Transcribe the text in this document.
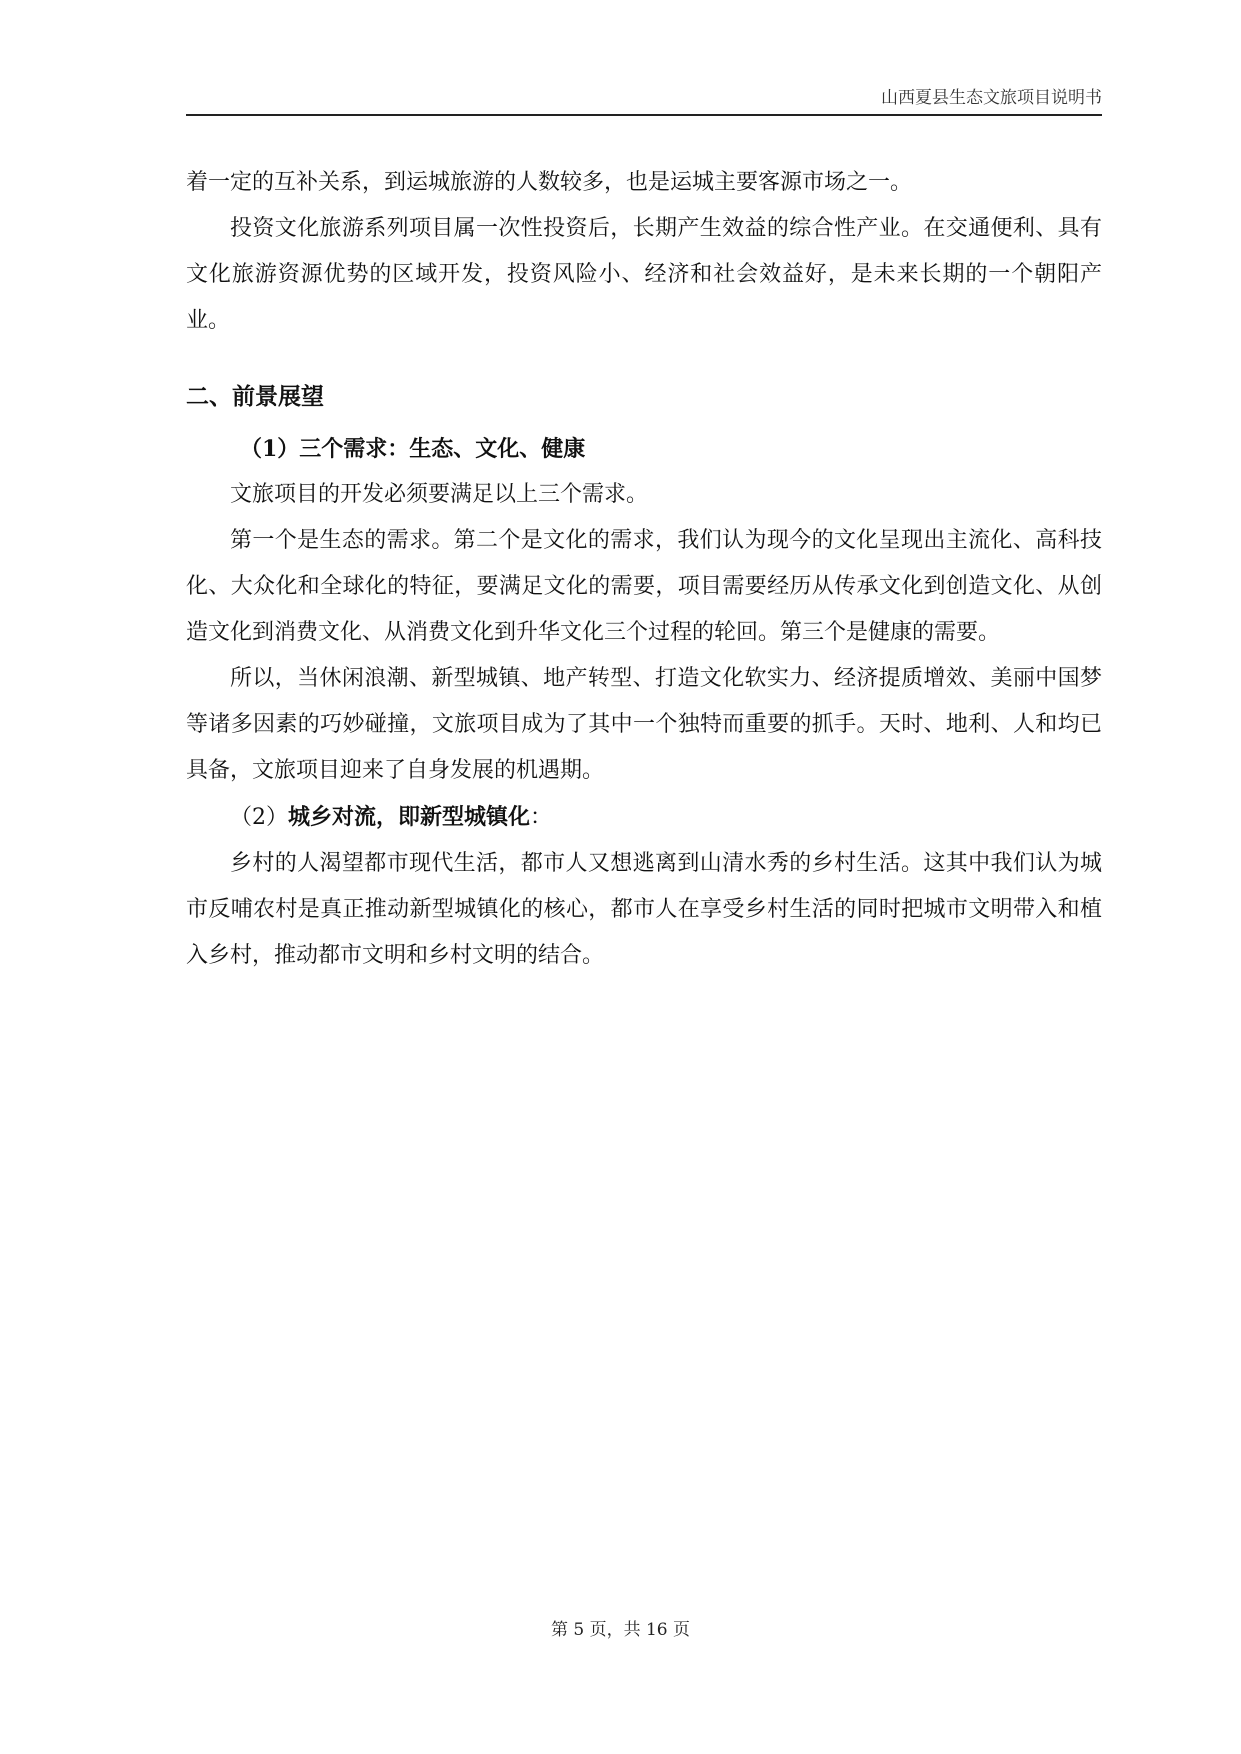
山西夏县生态文旅项目说明书

着一定的互补关系，到运城旅游的人数较多，也是运城主要客源市场之一。

投资文化旅游系列项目属一次性投资后，长期产生效益的综合性产业。在交通便利、具有文化旅游资源优势的区域开发，投资风险小、经济和社会效益好，是未来长期的一个朝阳产业。

二、前景展望
（1）三个需求：生态、文化、健康

文旅项目的开发必须要满足以上三个需求。

第一个是生态的需求。第二个是文化的需求，我们认为现今的文化呈现出主流化、高科技化、大众化和全球化的特征，要满足文化的需要，项目需要经历从传承文化到创造文化、从创造文化到消费文化、从消费文化到升华文化三个过程的轮回。第三个是健康的需要。

所以，当休闲浪潮、新型城镇、地产转型、打造文化软实力、经济提质增效、美丽中国梦等诸多因素的巧妙碰撞，文旅项目成为了其中一个独特而重要的抓手。天时、地利、人和均已具备，文旅项目迎来了自身发展的机遇期。

（2）城乡对流，即新型城镇化：

乡村的人渴望都市现代生活，都市人又想逃离到山清水秀的乡村生活。这其中我们认为城市反哺农村是真正推动新型城镇化的核心，都市人在享受乡村生活的同时把城市文明带入和植入乡村，推动都市文明和乡村文明的结合。

第 5 页，共 16 页
